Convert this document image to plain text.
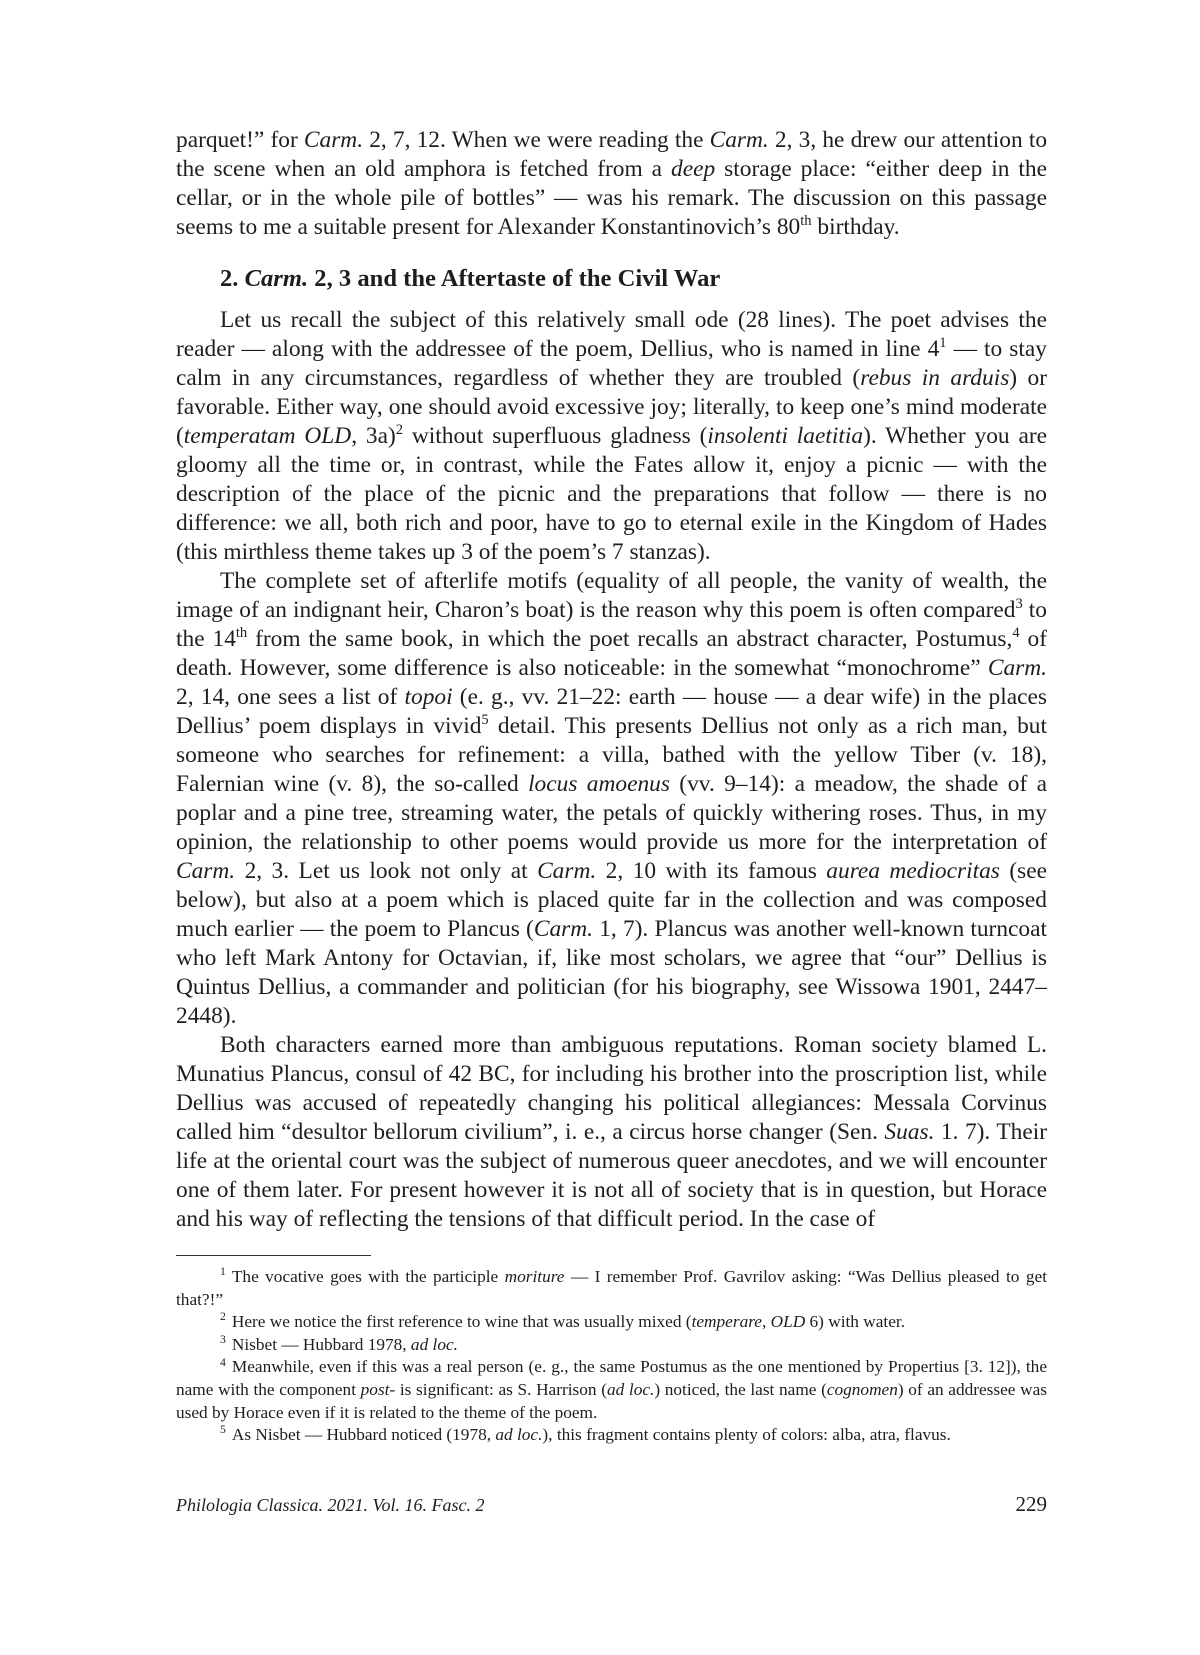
parquet!” for Carm. 2, 7, 12. When we were reading the Carm. 2, 3, he drew our attention to the scene when an old amphora is fetched from a deep storage place: “either deep in the cellar, or in the whole pile of bottles” — was his remark. The discussion on this passage seems to me a suitable present for Alexander Konstantinovich’s 80th birthday.

2. Carm. 2, 3 and the Aftertaste of the Civil War

Let us recall the subject of this relatively small ode (28 lines). The poet advises the reader — along with the addressee of the poem, Dellius, who is named in line $4^1$ — to stay calm in any circumstances, regardless of whether they are troubled (rebus in arduis) or favorable. Either way, one should avoid excessive joy; literally, to keep one’s mind moderate (temperatam OLD, 3a)$^2$ without superfluous gladness (insolenti laetitia). Whether you are gloomy all the time or, in contrast, while the Fates allow it, enjoy a picnic — with the description of the place of the picnic and the preparations that follow — there is no difference: we all, both rich and poor, have to go to eternal exile in the Kingdom of Hades (this mirthless theme takes up 3 of the poem’s 7 stanzas).

The complete set of afterlife motifs (equality of all people, the vanity of wealth, the image of an indignant heir, Charon’s boat) is the reason why this poem is often compared$^3$ to the 14th from the same book, in which the poet recalls an abstract character, Postumus,$^4$ of death. However, some difference is also noticeable: in the somewhat “monochrome” Carm. 2, 14, one sees a list of topoi (e. g., vv. 21–22: earth — house — a dear wife) in the places Dellius’ poem displays in vivid$^5$ detail. This presents Dellius not only as a rich man, but someone who searches for refinement: a villa, bathed with the yellow Tiber (v. 18), Falernian wine (v. 8), the so-called locus amoenus (vv. 9–14): a meadow, the shade of a poplar and a pine tree, streaming water, the petals of quickly withering roses. Thus, in my opinion, the relationship to other poems would provide us more for the interpretation of Carm. 2, 3. Let us look not only at Carm. 2, 10 with its famous aurea mediocritas (see below), but also at a poem which is placed quite far in the collection and was composed much earlier — the poem to Plancus (Carm. 1, 7). Plancus was another well-known turncoat who left Mark Antony for Octavian, if, like most scholars, we agree that “our” Dellius is Quintus Dellius, a commander and politician (for his biography, see Wissowa 1901, 2447–2448).

Both characters earned more than ambiguous reputations. Roman society blamed L. Munatius Plancus, consul of 42 BC, for including his brother into the proscription list, while Dellius was accused of repeatedly changing his political allegiances: Messala Corvinus called him “desultor bellorum civilium”, i. e., a circus horse changer (Sen. Suas. 1. 7). Their life at the oriental court was the subject of numerous queer anecdotes, and we will encounter one of them later. For present however it is not all of society that is in question, but Horace and his way of reflecting the tensions of that difficult period. In the case of

$^1$ The vocative goes with the participle moriture — I remember Prof. Gavrilov asking: “Was Dellius pleased to get that?!”

$^2$ Here we notice the first reference to wine that was usually mixed (temperare, OLD 6) with water.

$^3$ Nisbet — Hubbard 1978, ad loc.

$^4$ Meanwhile, even if this was a real person (e. g., the same Postumus as the one mentioned by Propertius [3. 12]), the name with the component post- is significant: as S. Harrison (ad loc.) noticed, the last name (cognomen) of an addressee was used by Horace even if it is related to the theme of the poem.

$^5$ As Nisbet — Hubbard noticed (1978, ad loc.), this fragment contains plenty of colors: alba, atra, flavus.

Philologia Classica. 2021. Vol. 16. Fasc. 2	229
